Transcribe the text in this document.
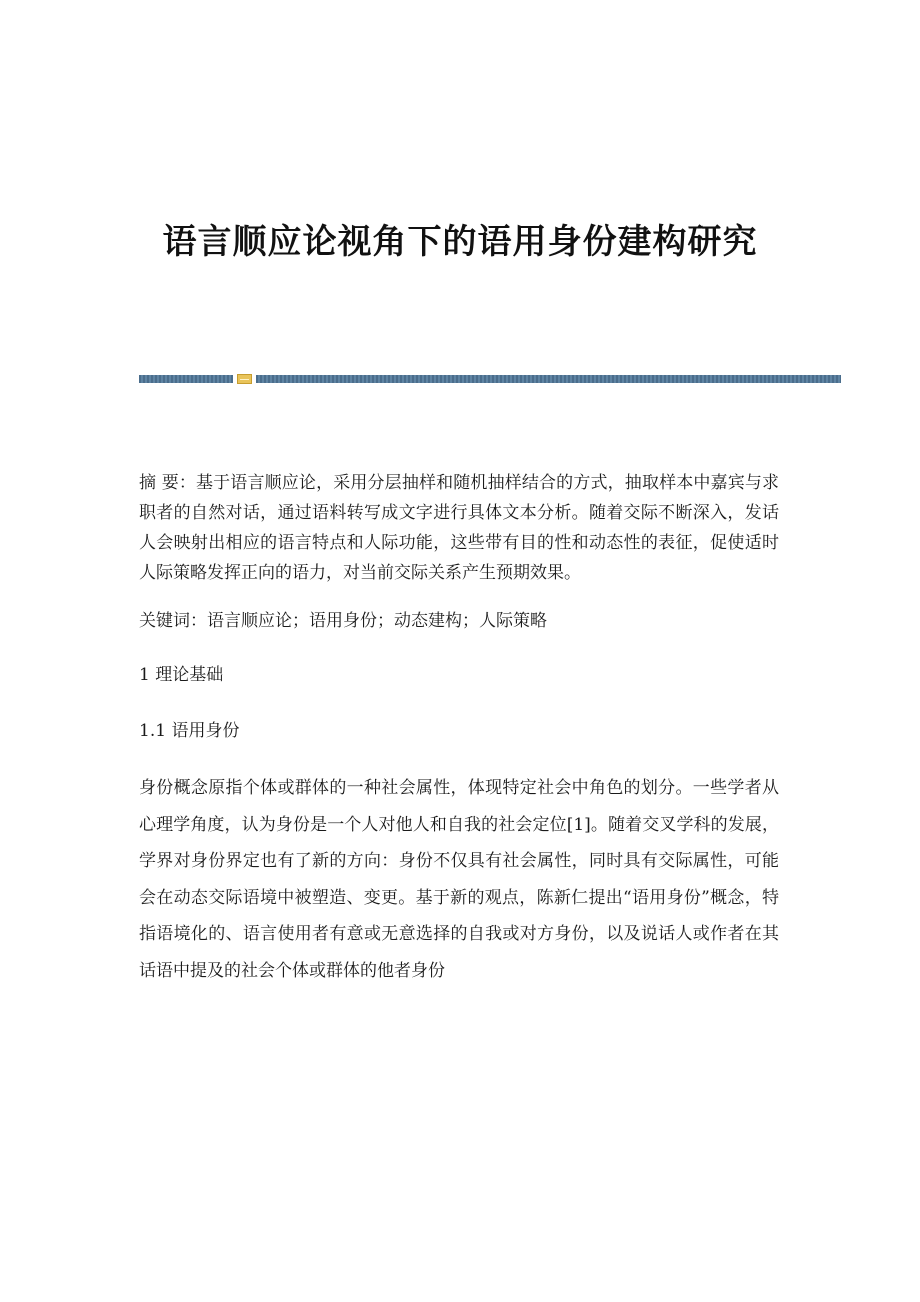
语言顺应论视角下的语用身份建构研究

摘 要：基于语言顺应论，采用分层抽样和随机抽样结合的方式，抽取样本中嘉宾与求职者的自然对话，通过语料转写成文字进行具体文本分析。随着交际不断深入，发话人会映射出相应的语言特点和人际功能，这些带有目的性和动态性的表征，促使适时人际策略发挥正向的语力，对当前交际关系产生预期效果。

关键词：语言顺应论；语用身份；动态建构；人际策略

1 理论基础

1.1 语用身份

身份概念原指个体或群体的一种社会属性，体现特定社会中角色的划分。一些学者从心理学角度，认为身份是一个人对他人和自我的社会定位[1]。随着交叉学科的发展，学界对身份界定也有了新的方向：身份不仅具有社会属性，同时具有交际属性，可能会在动态交际语境中被塑造、变更。基于新的观点，陈新仁提出“语用身份”概念，特指语境化的、语言使用者有意或无意选择的自我或对方身份，以及说话人或作者在其话语中提及的社会个体或群体的他者身份
